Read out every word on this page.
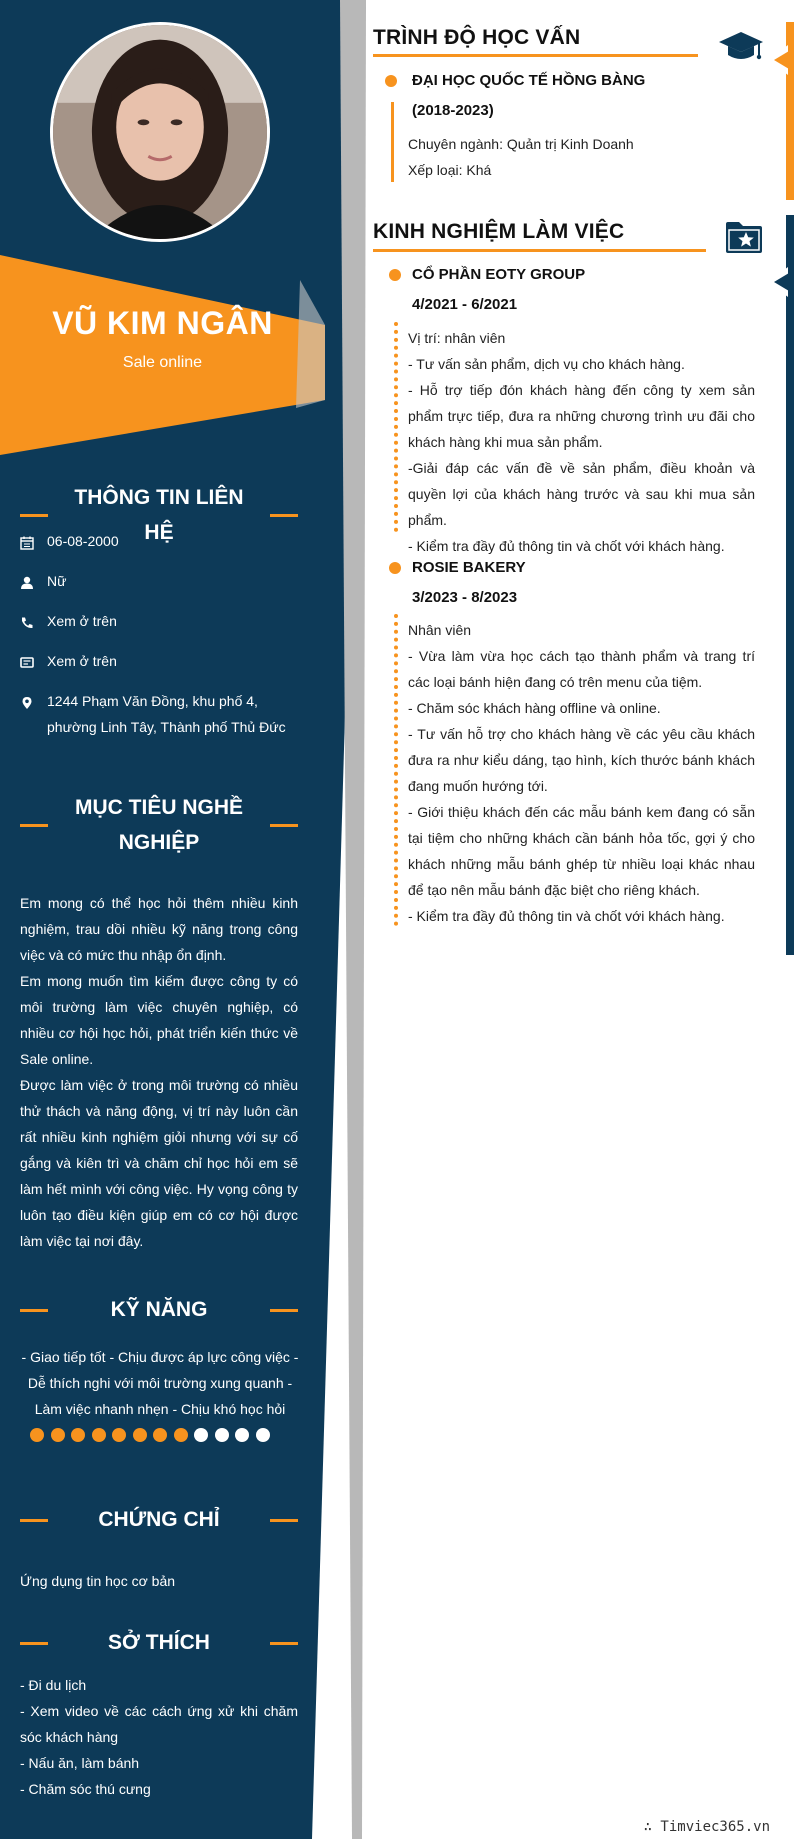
VŨ KIM NGÂN
Sale online
THÔNG TIN LIÊN HỆ
06-08-2000
Nữ
Xem ở trên
Xem ở trên
1244 Phạm Văn Đồng, khu phố 4, phường Linh Tây, Thành phố Thủ Đức
MỤC TIÊU NGHỀ
NGHIỆP
Em mong có thể học hỏi thêm nhiều kinh nghiệm, trau dồi nhiều kỹ năng trong công việc và có mức thu nhập ổn định.
Em mong muốn tìm kiếm được công ty có môi trường làm việc chuyên nghiệp, có nhiều cơ hội học hỏi, phát triển kiến thức về Sale online.
Được làm việc ở trong môi trường có nhiều thử thách và năng động, vị trí này luôn cần rất nhiều kinh nghiệm giỏi nhưng với sự cố gắng và kiên trì và chăm chỉ học hỏi em sẽ làm hết mình với công việc. Hy vọng công ty luôn tạo điều kiện giúp em có cơ hội được làm việc tại nơi đây.
KỸ NĂNG
- Giao tiếp tốt - Chịu được áp lực công việc - Dễ thích nghi với môi trường xung quanh - Làm việc nhanh nhẹn - Chịu khó học hỏi
CHỨNG CHỈ
Ứng dụng tin học cơ bản
SỞ THÍCH
- Đi du lịch
- Xem video về các cách ứng xử khi chăm sóc khách hàng
- Nấu ăn, làm bánh
- Chăm sóc thú cưng
TRÌNH ĐỘ HỌC VẤN
ĐẠI HỌC QUỐC TẾ HỒNG BÀNG
(2018-2023)
Chuyên ngành: Quản trị Kinh Doanh
Xếp loại: Khá
KINH NGHIỆM LÀM VIỆC
CỔ PHẦN EOTY GROUP
4/2021 - 6/2021
Vị trí: nhân viên
- Tư vấn sản phẩm, dịch vụ cho khách hàng.
- Hỗ trợ tiếp đón khách hàng đến công ty xem sản phẩm trực tiếp, đưa ra những chương trình ưu đãi cho khách hàng khi mua sản phẩm.
-Giải đáp các vấn đề về sản phẩm, điều khoản và quyền lợi của khách hàng trước và sau khi mua sản phẩm.
- Kiểm tra đầy đủ thông tin và chốt với khách hàng.
ROSIE BAKERY
3/2023 - 8/2023
Nhân viên
- Vừa làm vừa học cách tạo thành phẩm và trang trí các loại bánh hiện đang có trên menu của tiệm.
- Chăm sóc khách hàng offline và online.
- Tư vấn hỗ trợ cho khách hàng về các yêu cầu khách đưa ra như kiểu dáng, tạo hình, kích thước bánh khách đang muốn hướng tới.
- Giới thiệu khách đến các mẫu bánh kem đang có sẵn tại tiệm cho những khách cần bánh hỏa tốc, gợi ý cho khách những mẫu bánh ghép từ nhiều loại khác nhau để tạo nên mẫu bánh đặc biệt cho riêng khách.
- Kiểm tra đầy đủ thông tin và chốt với khách hàng.
∴ Timviec365.vn
